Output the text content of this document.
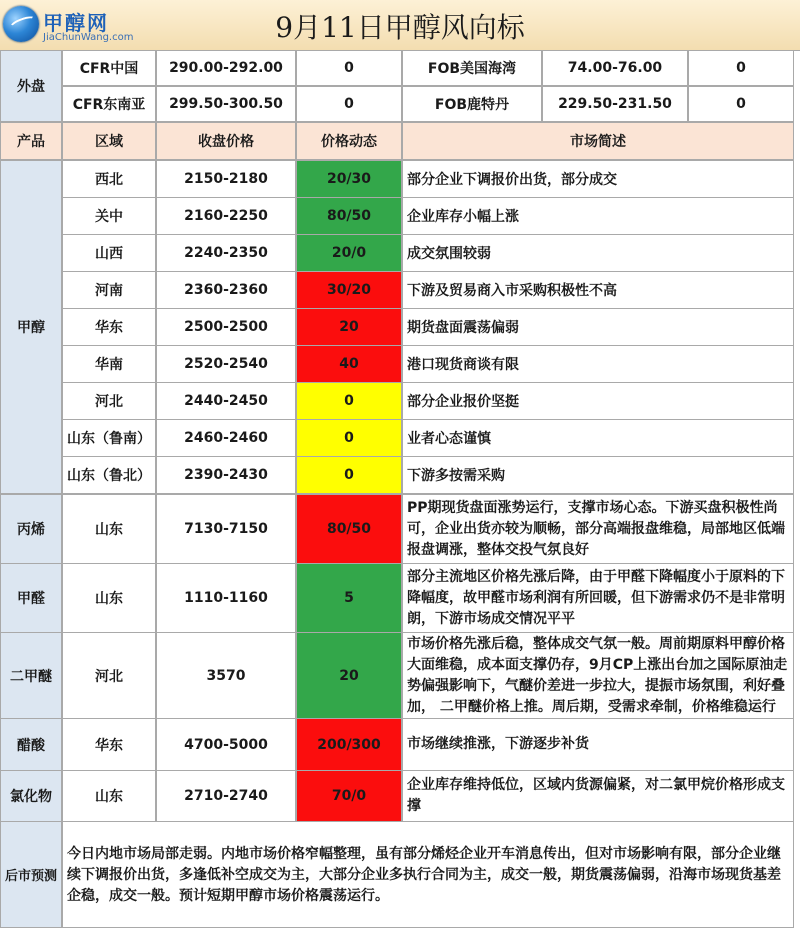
甲醇网
JiaChunWang.com	9月11日甲醇风向标
外盘
CFR中国	290.00-292.00	0	FOB美国海湾	74.00-76.00	0
CFR东南亚	299.50-300.50	0	FOB鹿特丹	229.50-231.50	0
产品	区域	收盘价格	价格动态	市场简述
甲醇
西北	2150-2180	20/30	部分企业下调报价出货，部分成交
关中	2160-2250	80/50	企业库存小幅上涨
山西	2240-2350	20/0	成交氛围较弱
河南	2360-2360	30/20	下游及贸易商入市采购积极性不高
华东	2500-2500	20	期货盘面震荡偏弱
华南	2520-2540	40	港口现货商谈有限
河北	2440-2450	0	部分企业报价坚挺
山东（鲁南）	2460-2460	0	业者心态谨慎
山东（鲁北）	2390-2430	0	下游多按需采购
丙烯	山东	7130-7150	80/50
PP期现货盘面涨势运行，支撑市场心态。下游买盘积极性尚
可，企业出货亦较为顺畅，部分高端报盘维稳，局部地区低端
报盘调涨，整体交投气氛良好
甲醛	山东	1110-1160	5
部分主流地区价格先涨后降，由于甲醛下降幅度小于原料的下
降幅度，故甲醛市场利润有所回暖，但下游需求仍不是非常明
朗，下游市场成交情况平平
二甲醚	河北	3570	20
市场价格先涨后稳，整体成交气氛一般。周前期原料甲醇价格
大面维稳，成本面支撑仍存，9月CP上涨出台加之国际原油走
势偏强影响下，气醚价差进一步拉大，提振市场氛围，利好叠
加， 二甲醚价格上推。周后期，受需求牵制，价格维稳运行
醋酸	华东	4700-5000	200/300	市场继续推涨，下游逐步补货
氯化物	山东	2710-2740	70/0
企业库存维持低位，区域内货源偏紧，对二氯甲烷价格形成支
撑
后市预测
今日内地市场局部走弱。内地市场价格窄幅整理，虽有部分烯烃企业开车消息传出，但对市场影响有限，部分企业继续下调报价出货，多逢低补空成交为主，大部分企业多执行合同为主，成交一般，期货震荡偏弱，沿海市场现货基差企稳，成交一般。预计短期甲醇市场价格震荡运行。
